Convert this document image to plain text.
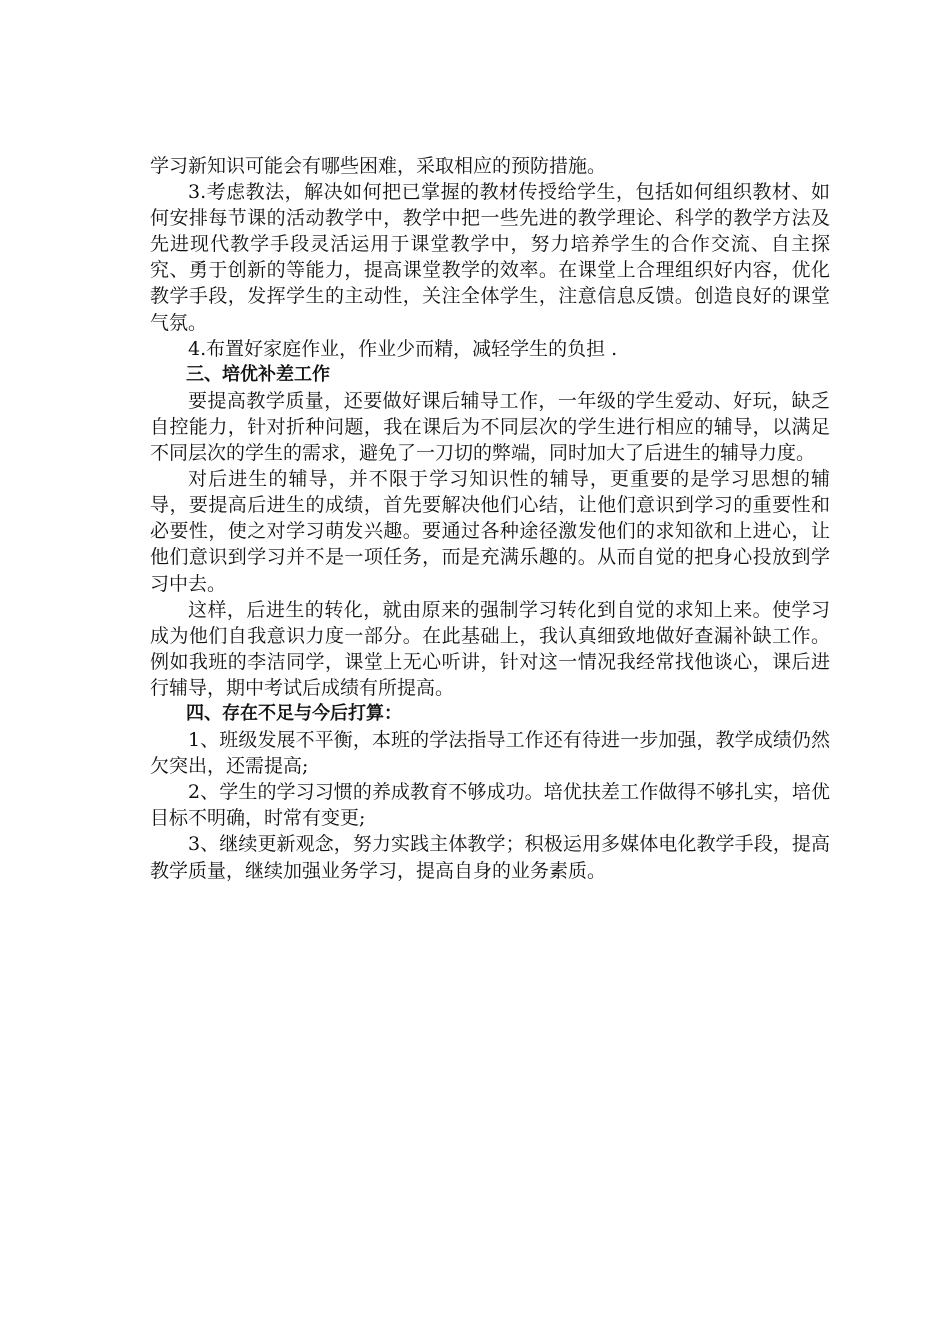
学习新知识可能会有哪些困难，采取相应的预防措施。

3.考虑教法，解决如何把已掌握的教材传授给学生，包括如何组织教材、如何安排每节课的活动教学中，教学中把一些先进的教学理论、科学的教学方法及先进现代教学手段灵活运用于课堂教学中，努力培养学生的合作交流、自主探究、勇于创新的等能力，提高课堂教学的效率。在课堂上合理组织好内容，优化教学手段，发挥学生的主动性，关注全体学生，注意信息反馈。创造良好的课堂气氛。

4.布置好家庭作业，作业少而精，减轻学生的负担 .

三、培优补差工作

要提高教学质量，还要做好课后辅导工作，一年级的学生爱动、好玩，缺乏自控能力，针对折种问题，我在课后为不同层次的学生进行相应的辅导，以满足不同层次的学生的需求，避免了一刀切的弊端，同时加大了后进生的辅导力度。

对后进生的辅导，并不限于学习知识性的辅导，更重要的是学习思想的辅导，要提高后进生的成绩，首先要解决他们心结，让他们意识到学习的重要性和必要性，使之对学习萌发兴趣。要通过各种途径激发他们的求知欲和上进心，让他们意识到学习并不是一项任务，而是充满乐趣的。从而自觉的把身心投放到学习中去。

这样，后进生的转化，就由原来的强制学习转化到自觉的求知上来。使学习成为他们自我意识力度一部分。在此基础上，我认真细致地做好查漏补缺工作。例如我班的李洁同学，课堂上无心听讲，针对这一情况我经常找他谈心，课后进行辅导，期中考试后成绩有所提高。

四、存在不足与今后打算：

1、班级发展不平衡，本班的学法指导工作还有待进一步加强，教学成绩仍然欠突出，还需提高;

2、学生的学习习惯的养成教育不够成功。培优扶差工作做得不够扎实，培优目标不明确，时常有变更;

3、继续更新观念，努力实践主体教学；积极运用多媒体电化教学手段，提高教学质量，继续加强业务学习，提高自身的业务素质。
